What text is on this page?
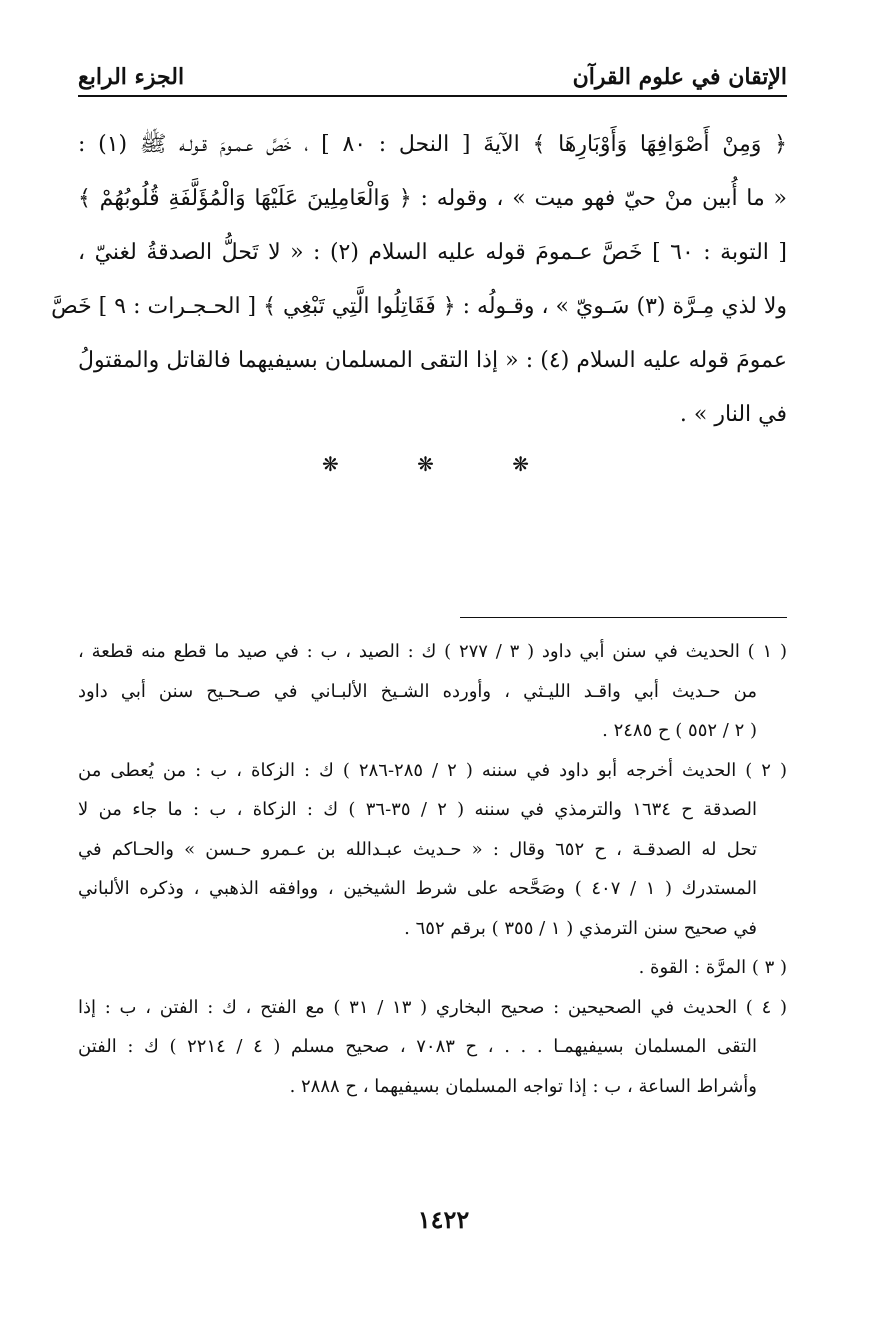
الإتقان في علوم القرآن
الجزء الرابع
﴿ وَمِنْ أَصْوَافِهَا وَأَوْبَارِهَا ﴾ الآيةَ [ النحل : ٨٠ ] ، خَصَّ عـمـومَ قـولـه ﷺ (١) :
« ما أُبين منْ حيّ فهو ميت » ، وقوله : ﴿ وَالْعَامِلِينَ عَلَيْهَا وَالْمُؤَلَّفَةِ قُلُوبُهُمْ ﴾
[ التوبة : ٦٠ ] خَصَّ عـمومَ قوله عليه السلام (٢) : « لا تَحلُّ الصدقةُ لغنيّ ،
ولا لذي مِـرَّة (٣) سَـويّ » ، وقـولُه : ﴿ فَقَاتِلُوا الَّتِي تَبْغِي ﴾ [ الحـجـرات : ٩ ] خَصَّ
عمومَ قوله عليه السلام (٤) : « إذا التقى المسلمان بسيفيهما فالقاتل والمقتولُ
في النار » .
❋ ❋ ❋
( ١ ) الحديث في سنن أبي داود ( ٣ / ٢٧٧ ) ك : الصيد ، ب : في صيد ما قطع منه قطعة ،
من حـديث أبي واقـد الليـثي ، وأورده الشـيخ الألبـاني في صـحـيح سنن أبي داود
( ٢ / ٥٥٢ ) ح ٢٤٨٥ .
( ٢ ) الحديث أخرجه أبو داود في سننه ( ٢ / ٢٨٥-٢٨٦ ) ك : الزكاة ، ب : من يُعطى من
الصدقة ح ١٦٣٤ والترمذي في سننه ( ٢ / ٣٥-٣٦ ) ك : الزكاة ، ب : ما جاء من لا
تحل له الصدقـة ، ح ٦٥٢ وقال : « حـديث عبـدالله بن عـمرو حـسن » والحـاكم في
المستدرك ( ١ / ٤٠٧ ) وصَحَّحه على شرط الشيخين ، ووافقه الذهبي ، وذكره الألباني
في صحيح سنن الترمذي ( ١ / ٣٥٥ ) برقم ٦٥٢ .
( ٣ ) المرَّة : القوة .
( ٤ ) الحديث في الصحيحين : صحيح البخاري ( ١٣ / ٣١ ) مع الفتح ، ك : الفتن ، ب : إذا
التقى المسلمان بسيفيهمـا . . . ، ح ٧٠٨٣ ، صحيح مسلم ( ٤ / ٢٢١٤ ) ك : الفتن
وأشراط الساعة ، ب : إذا تواجه المسلمان بسيفيهما ، ح ٢٨٨٨ .
١٤٢٢
